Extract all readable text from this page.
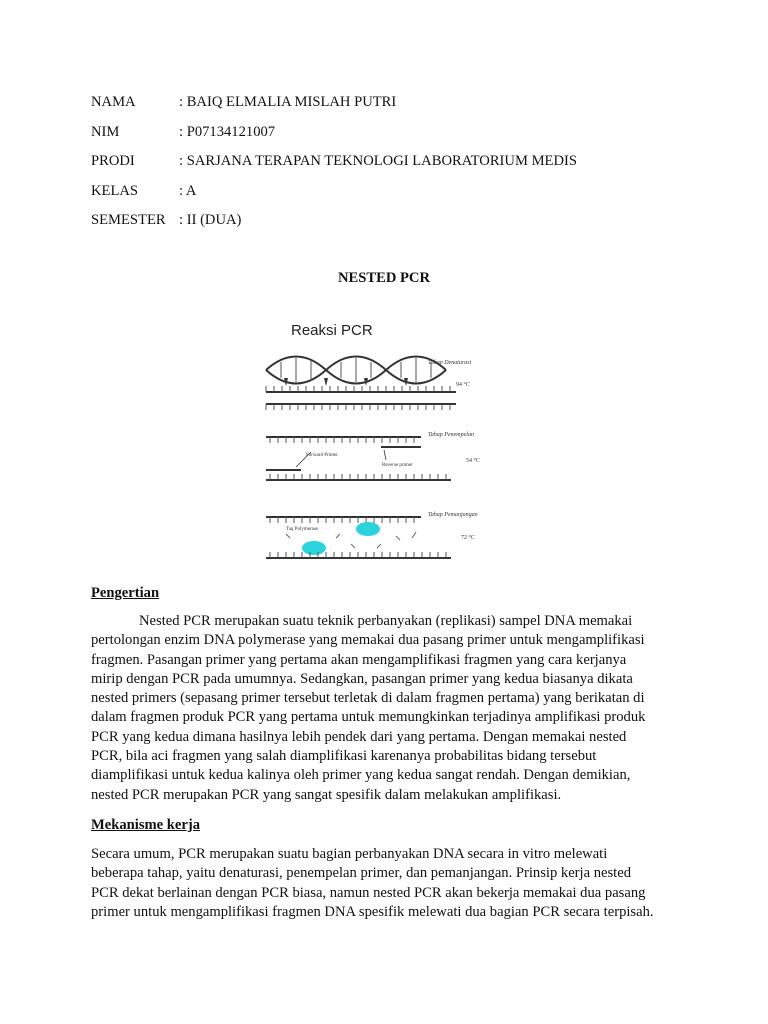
NAMA	: BAIQ ELMALIA MISLAH PUTRI
NIM	: P07134121007
PRODI	: SARJANA TERAPAN TEKNOLOGI LABORATORIUM MEDIS
KELAS	: A
SEMESTER : II (DUA)
NESTED PCR
Reaksi PCR
Tahap Denaturasi
94 °C
Tahap Penempelan
Forward Primer
Reverse primer
54 °C
Tahap Pemanjangan
Taq Polymerase
72 °C
Pengertian
Nested PCR merupakan suatu teknik perbanyakan (replikasi) sampel DNA memakai
pertolongan enzim DNA polymerase yang memakai dua pasang primer untuk mengamplifikasi
fragmen. Pasangan primer yang pertama akan mengamplifikasi fragmen yang cara kerjanya
mirip dengan PCR pada umumnya. Sedangkan, pasangan primer yang kedua biasanya dikata
nested primers (sepasang primer tersebut terletak di dalam fragmen pertama) yang berikatan di
dalam fragmen produk PCR yang pertama untuk memungkinkan terjadinya amplifikasi produk
PCR yang kedua dimana hasilnya lebih pendek dari yang pertama. Dengan memakai nested
PCR, bila aci fragmen yang salah diamplifikasi karenanya probabilitas bidang tersebut
diamplifikasi untuk kedua kalinya oleh primer yang kedua sangat rendah. Dengan demikian,
nested PCR merupakan PCR yang sangat spesifik dalam melakukan amplifikasi.
Mekanisme kerja
Secara umum, PCR merupakan suatu bagian perbanyakan DNA secara in vitro melewati
beberapa tahap, yaitu denaturasi, penempelan primer, dan pemanjangan. Prinsip kerja nested
PCR dekat berlainan dengan PCR biasa, namun nested PCR akan bekerja memakai dua pasang
primer untuk mengamplifikasi fragmen DNA spesifik melewati dua bagian PCR secara terpisah.
